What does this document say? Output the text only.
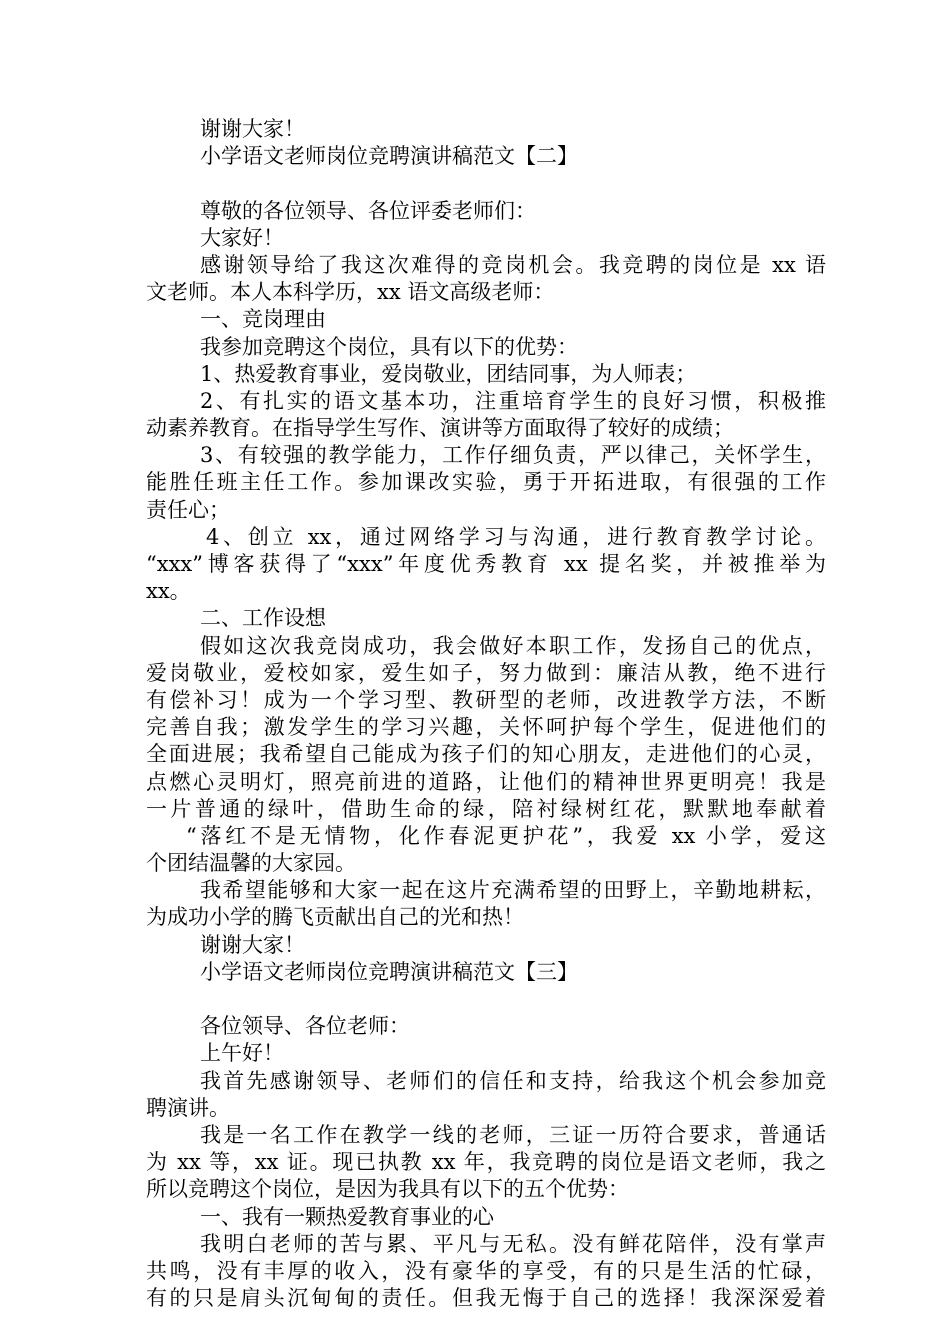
谢谢大家！
小学语文老师岗位竞聘演讲稿范文【二】
尊敬的各位领导、各位评委老师们：
大家好！
感谢领导给了我这次难得的竞岗机会。我竞聘的岗位是 xx 语
文老师。本人本科学历，xx 语文高级老师：
一、竞岗理由
我参加竞聘这个岗位，具有以下的优势：
1、热爱教育事业，爱岗敬业，团结同事，为人师表；
2、有扎实的语文基本功，注重培育学生的良好习惯，积极推
动素养教育。在指导学生写作、演讲等方面取得了较好的成绩；
3、有较强的教学能力，工作仔细负责，严以律己，关怀学生，
能胜任班主任工作。参加课改实验，勇于开拓进取，有很强的工作
责任心；
4、创立 xx，通过网络学习与沟通，进行教育教学讨论。
“xxx”博客获得了“xxx”年度优秀教育 xx 提名奖，并被推举为
xx。
二、工作设想
假如这次我竞岗成功，我会做好本职工作，发扬自己的优点，
爱岗敬业，爱校如家，爱生如子，努力做到：廉洁从教，绝不进行
有偿补习！成为一个学习型、教研型的老师，改进教学方法，不断
完善自我；激发学生的学习兴趣，关怀呵护每个学生，促进他们的
全面进展；我希望自己能成为孩子们的知心朋友，走进他们的心灵，
点燃心灵明灯，照亮前进的道路，让他们的精神世界更明亮！我是
一片普通的绿叶，借助生命的绿，陪衬绿树红花，默默地奉献着
“落红不是无情物，化作春泥更护花”，我爱 xx 小学，爱这
个团结温馨的大家园。
我希望能够和大家一起在这片充满希望的田野上，辛勤地耕耘，
为成功小学的腾飞贡献出自己的光和热！
谢谢大家！
小学语文老师岗位竞聘演讲稿范文【三】
各位领导、各位老师：
上午好！
我首先感谢领导、老师们的信任和支持，给我这个机会参加竞
聘演讲。
我是一名工作在教学一线的老师，三证一历符合要求，普通话
为 xx 等，xx 证。现已执教 xx 年，我竞聘的岗位是语文老师，我之
所以竞聘这个岗位，是因为我具有以下的五个优势：
一、我有一颗热爱教育事业的心
我明白老师的苦与累、平凡与无私。没有鲜花陪伴，没有掌声
共鸣，没有丰厚的收入，没有豪华的享受，有的只是生活的忙碌，
有的只是肩头沉甸甸的责任。但我无悔于自己的选择！我深深爱着
